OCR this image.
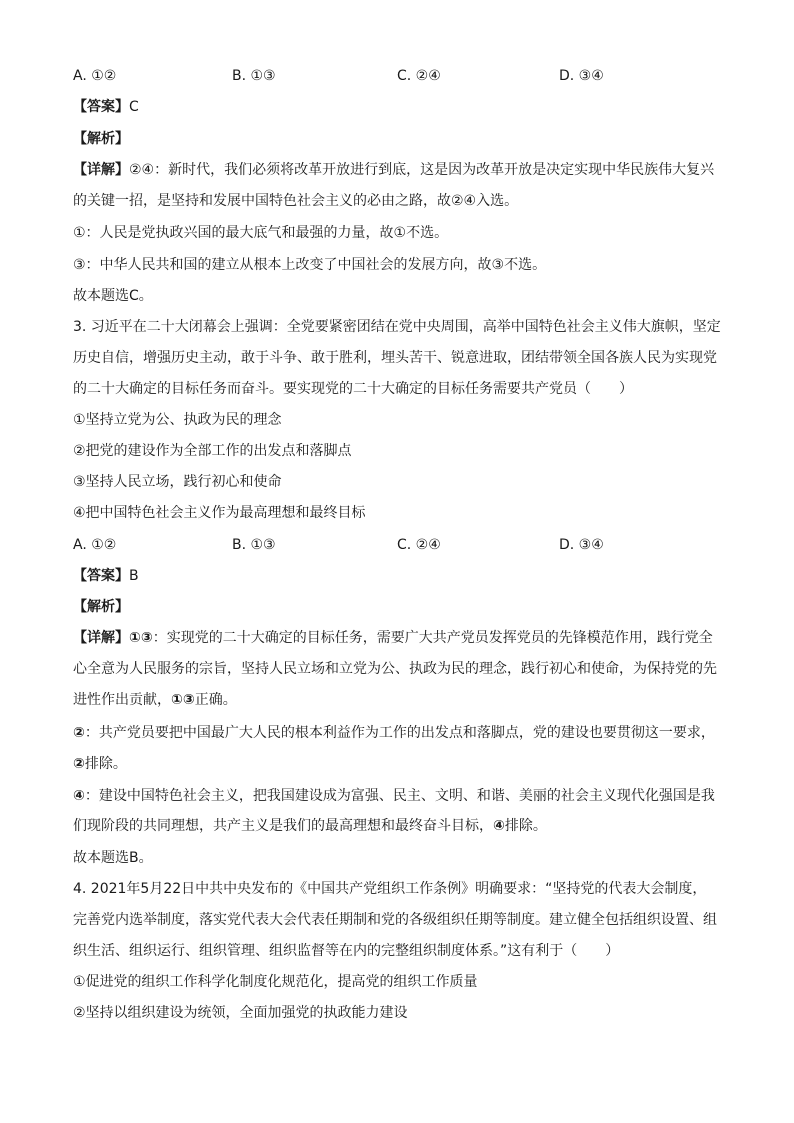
A. ①②	B. ①③	C. ②④	D. ③④
【答案】C
【解析】
【详解】②④：新时代，我们必须将改革开放进行到底，这是因为改革开放是决定实现中华民族伟大复兴
的关键一招，是坚持和发展中国特色社会主义的必由之路，故②④入选。
①：人民是党执政兴国的最大底气和最强的力量，故①不选。
③：中华人民共和国的建立从根本上改变了中国社会的发展方向，故③不选。
故本题选C。
3. 习近平在二十大闭幕会上强调：全党要紧密团结在党中央周围，高举中国特色社会主义伟大旗帜，坚定
历史自信，增强历史主动，敢于斗争、敢于胜利，埋头苦干、锐意进取，团结带领全国各族人民为实现党
的二十大确定的目标任务而奋斗。要实现党的二十大确定的目标任务需要共产党员（　　）
①坚持立党为公、执政为民的理念
②把党的建设作为全部工作的出发点和落脚点
③坚持人民立场，践行初心和使命
④把中国特色社会主义作为最高理想和最终目标
A. ①②	B. ①③	C. ②④	D. ③④
【答案】B
【解析】
【详解】①③：实现党的二十大确定的目标任务，需要广大共产党员发挥党员的先锋模范作用，践行党全
心全意为人民服务的宗旨，坚持人民立场和立党为公、执政为民的理念，践行初心和使命，为保持党的先
进性作出贡献，①③正确。
②：共产党员要把中国最广大人民的根本利益作为工作的出发点和落脚点，党的建设也要贯彻这一要求，
②排除。
④：建设中国特色社会主义，把我国建设成为富强、民主、文明、和谐、美丽的社会主义现代化强国是我
们现阶段的共同理想，共产主义是我们的最高理想和最终奋斗目标，④排除。
故本题选B。
4. 2021年5月22日中共中央发布的《中国共产党组织工作条例》明确要求：“坚持党的代表大会制度，
完善党内选举制度，落实党代表大会代表任期制和党的各级组织任期等制度。建立健全包括组织设置、组
织生活、组织运行、组织管理、组织监督等在内的完整组织制度体系。”这有利于（　　）
①促进党的组织工作科学化制度化规范化，提高党的组织工作质量
②坚持以组织建设为统领，全面加强党的执政能力建设
